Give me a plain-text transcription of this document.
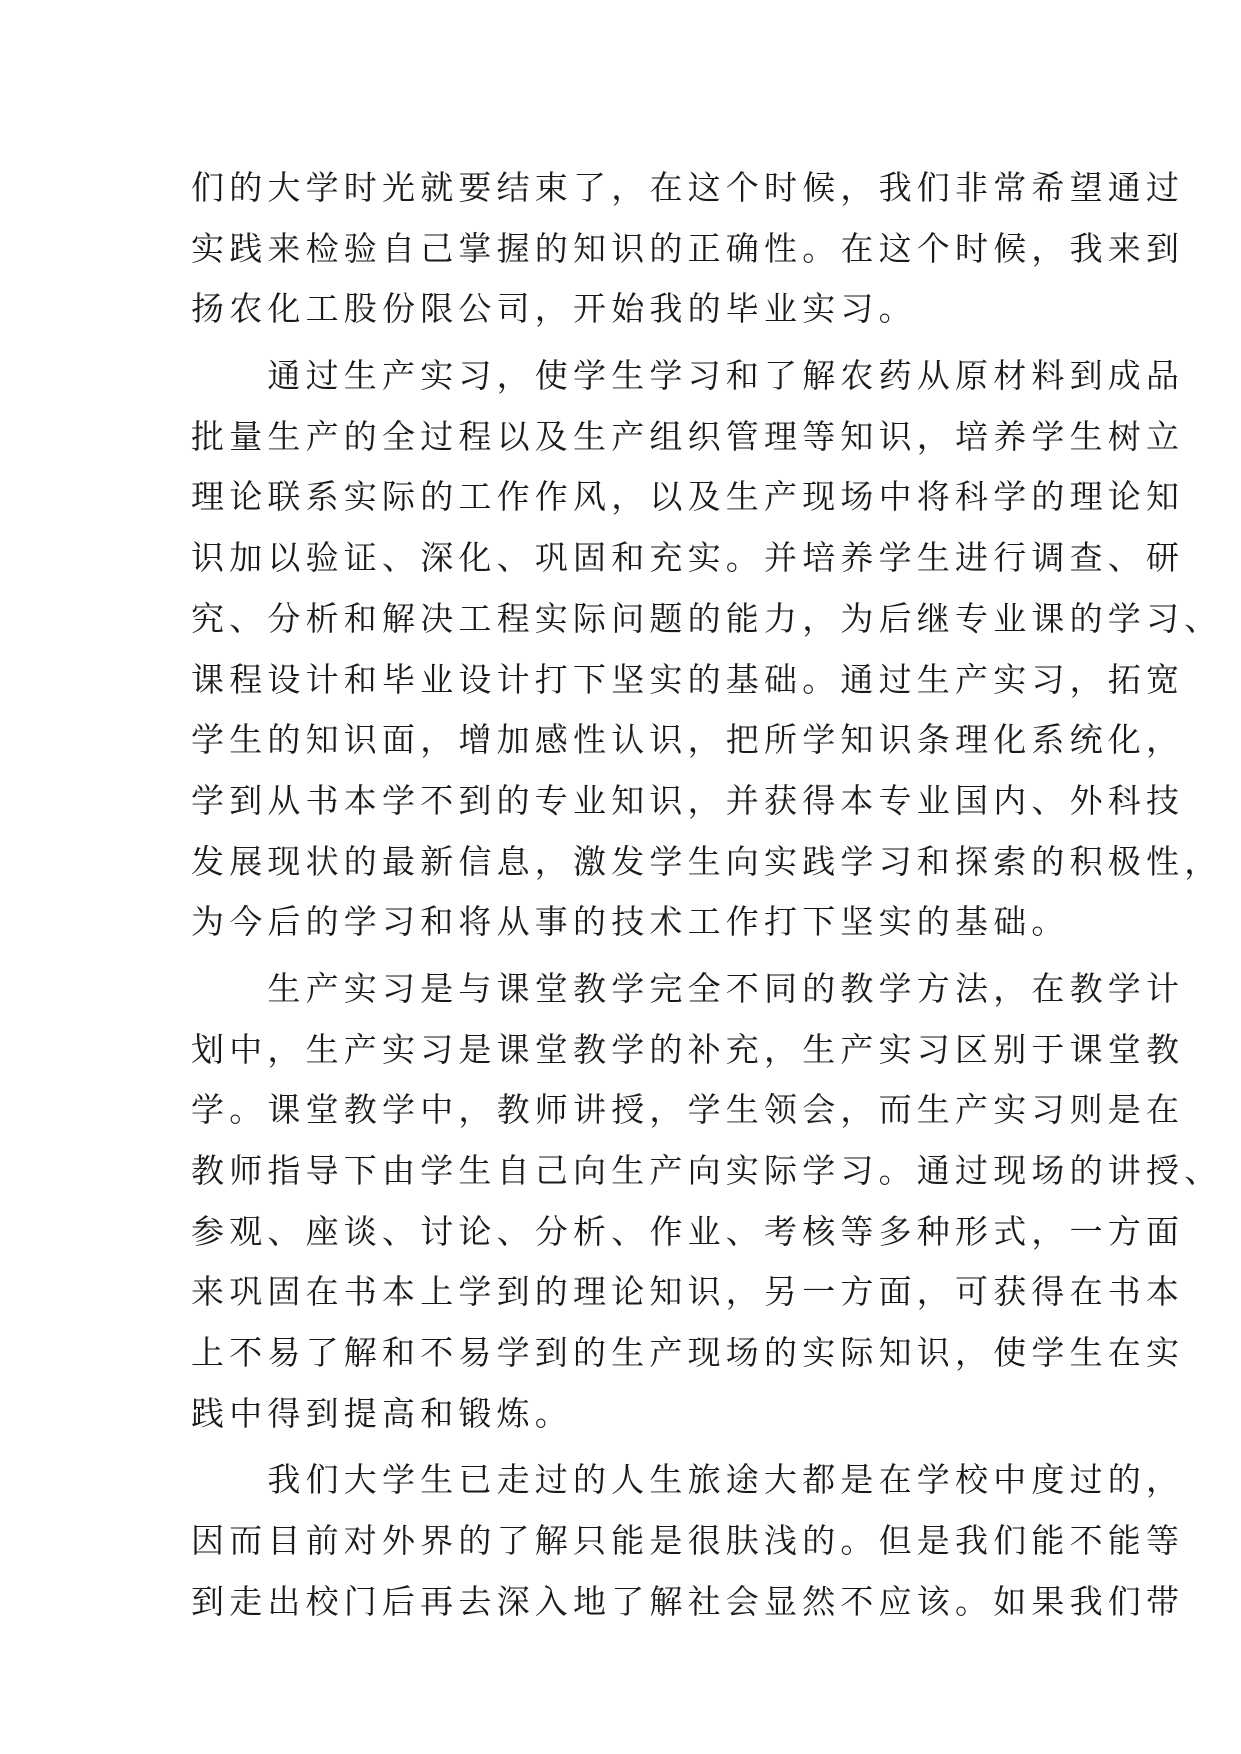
们的大学时光就要结束了，在这个时候，我们非常希望通过
实践来检验自己掌握的知识的正确性。在这个时候，我来到
扬农化工股份限公司，开始我的毕业实习。
　　通过生产实习，使学生学习和了解农药从原材料到成品
批量生产的全过程以及生产组织管理等知识，培养学生树立
理论联系实际的工作作风，以及生产现场中将科学的理论知
识加以验证、深化、巩固和充实。并培养学生进行调查、研
究、分析和解决工程实际问题的能力，为后继专业课的学习、
课程设计和毕业设计打下坚实的基础。通过生产实习，拓宽
学生的知识面，增加感性认识，把所学知识条理化系统化，
学到从书本学不到的专业知识，并获得本专业国内、外科技
发展现状的最新信息，激发学生向实践学习和探索的积极性，
为今后的学习和将从事的技术工作打下坚实的基础。
　　生产实习是与课堂教学完全不同的教学方法，在教学计
划中，生产实习是课堂教学的补充，生产实习区别于课堂教
学。课堂教学中，教师讲授，学生领会，而生产实习则是在
教师指导下由学生自己向生产向实际学习。通过现场的讲授、
参观、座谈、讨论、分析、作业、考核等多种形式，一方面
来巩固在书本上学到的理论知识，另一方面，可获得在书本
上不易了解和不易学到的生产现场的实际知识，使学生在实
践中得到提高和锻炼。
　　我们大学生已走过的人生旅途大都是在学校中度过的，
因而目前对外界的了解只能是很肤浅的。但是我们能不能等
到走出校门后再去深入地了解社会显然不应该。如果我们带
